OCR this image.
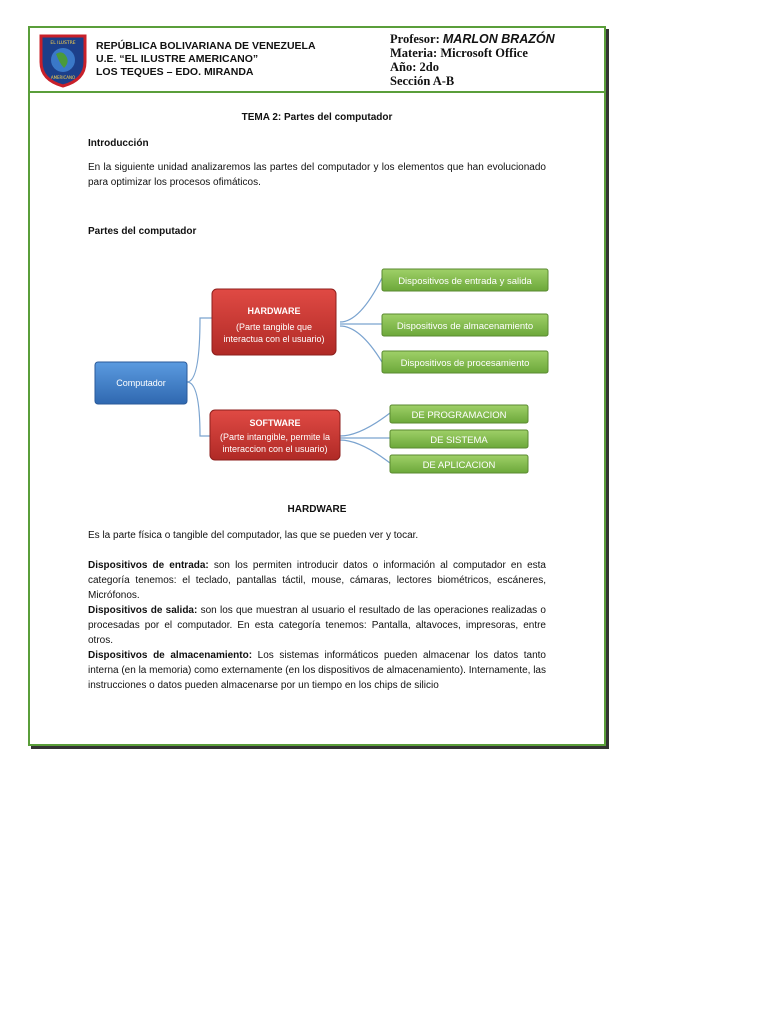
EL ILUSTRE
AMERICANO
REPÚBLICA BOLIVARIANA DE VENEZUELA
U.E. “EL ILUSTRE AMERICANO”
LOS TEQUES – EDO. MIRANDA
Profesor: MARLON BRAZÓN
Materia: Microsoft Office
Año: 2do
Sección A-B
TEMA 2: Partes del computador
Introducción
En la siguiente unidad analizaremos las partes del computador y los elementos que han evolucionado para optimizar los procesos ofimáticos.
Partes del computador
Computador
HARDWARE
(Parte tangible que
interactua con el usuario)
SOFTWARE
(Parte intangible, permite la
interaccion con el usuario)
Dispositivos de entrada y salida
Dispositivos de almacenamiento
Dispositivos de procesamiento
DE PROGRAMACION
DE SISTEMA
DE APLICACION
HARDWARE
Es la parte física o tangible del computador, las que se pueden ver y tocar.
Dispositivos de entrada: son los permiten introducir datos o información al computador en esta categoría tenemos: el teclado, pantallas táctil, mouse, cámaras, lectores biométricos, escáneres, Micrófonos.
Dispositivos de salida: son los que muestran al usuario el resultado de las operaciones realizadas o procesadas por el computador. En esta categoría tenemos: Pantalla, altavoces, impresoras, entre otros.
Dispositivos de almacenamiento: Los sistemas informáticos pueden almacenar los datos tanto interna (en la memoria) como externamente (en los dispositivos de almacenamiento). Internamente, las instrucciones o datos pueden almacenarse por un tiempo en los chips de silicio
